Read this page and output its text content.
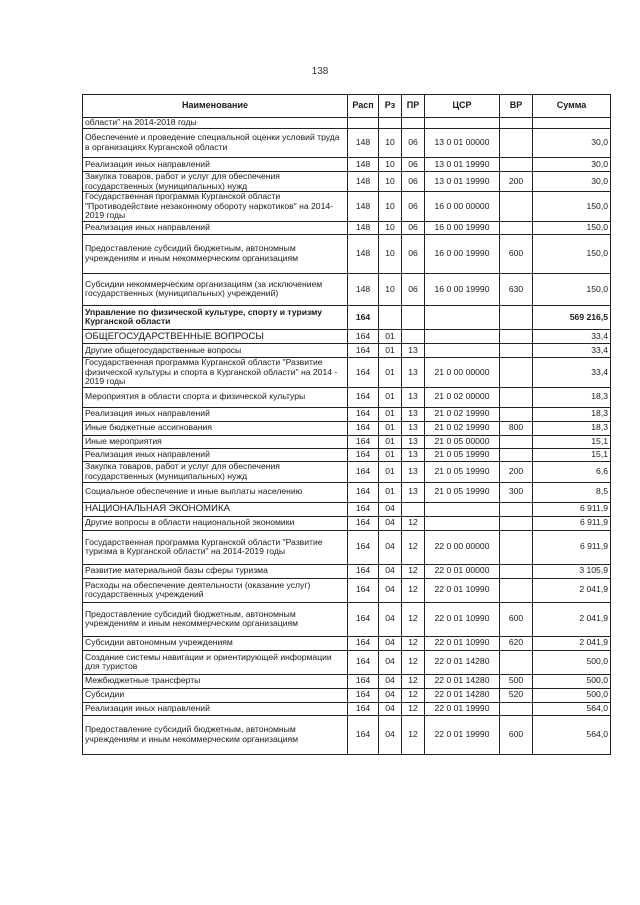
138
Наименование	Расп	Рз	ПР	ЦСР	ВР	Сумма
области" на 2014-2018 годы						
Обеспечение и проведение специальной оценки условий труда в организациях Курганской области	148	10	06	13 0 01 00000		30,0
Реализация иных направлений	148	10	06	13 0 01 19990		30,0
Закупка товаров, работ и услуг для обеспечения государственных (муниципальных) нужд	148	10	06	13 0 01 19990	200	30,0
Государственная программа Курганской области "Противодействие незаконному обороту наркотиков" на 2014-2019 годы	148	10	06	16 0 00 00000		150,0
Реализация иных направлений	148	10	06	16 0 00 19990		150,0
Предоставление субсидий бюджетным, автономным учреждениям и иным некоммерческим организациям	148	10	06	16 0 00 19990	600	150,0
Субсидии некоммерческим организациям (за исключением государственных (муниципальных) учреждений)	148	10	06	16 0 00 19990	630	150,0
Управление по физической культуре, спорту и туризму Курганской области	164					569 216,5
ОБЩЕГОСУДАРСТВЕННЫЕ ВОПРОСЫ	164	01				33,4
Другие общегосударственные вопросы	164	01	13			33,4
Государственная программа Курганской области "Развитие физической культуры и спорта в Курганской области" на 2014 - 2019 годы	164	01	13	21 0 00 00000		33,4
Мероприятия в области спорта и физической культуры	164	01	13	21 0 02 00000		18,3
Реализация иных направлений	164	01	13	21 0 02 19990		18,3
Иные бюджетные ассигнования	164	01	13	21 0 02 19990	800	18,3
Иные мероприятия	164	01	13	21 0 05 00000		15,1
Реализация иных направлений	164	01	13	21 0 05 19990		15,1
Закупка товаров, работ и услуг для обеспечения государственных (муниципальных) нужд	164	01	13	21 0 05 19990	200	6,6
Социальное обеспечение и иные выплаты населению	164	01	13	21 0 05 19990	300	8,5
НАЦИОНАЛЬНАЯ ЭКОНОМИКА	164	04				6 911,9
Другие вопросы в области национальной экономики	164	04	12			6 911,9
Государственная программа Курганской области "Развитие туризма в Курганской области" на 2014-2019 годы	164	04	12	22 0 00 00000		6 911,9
Развитие материальной базы сферы туризма	164	04	12	22 0 01 00000		3 105,9
Расходы на обеспечение деятельности (оказание услуг) государственных учреждений	164	04	12	22 0 01 10990		2 041,9
Предоставление субсидий бюджетным, автономным учреждениям и иным некоммерческим организациям	164	04	12	22 0 01 10990	600	2 041,9
Субсидии автономным учреждениям	164	04	12	22 0 01 10990	620	2 041,9
Создание системы навигации и ориентирующей информации для туристов	164	04	12	22 0 01 14280		500,0
Межбюджетные трансферты	164	04	12	22 0 01 14280	500	500,0
Субсидии	164	04	12	22 0 01 14280	520	500,0
Реализация иных направлений	164	04	12	22 0 01 19990		564,0
Предоставление субсидий бюджетным, автономным учреждениям и иным некоммерческим организациям	164	04	12	22 0 01 19990	600	564,0
